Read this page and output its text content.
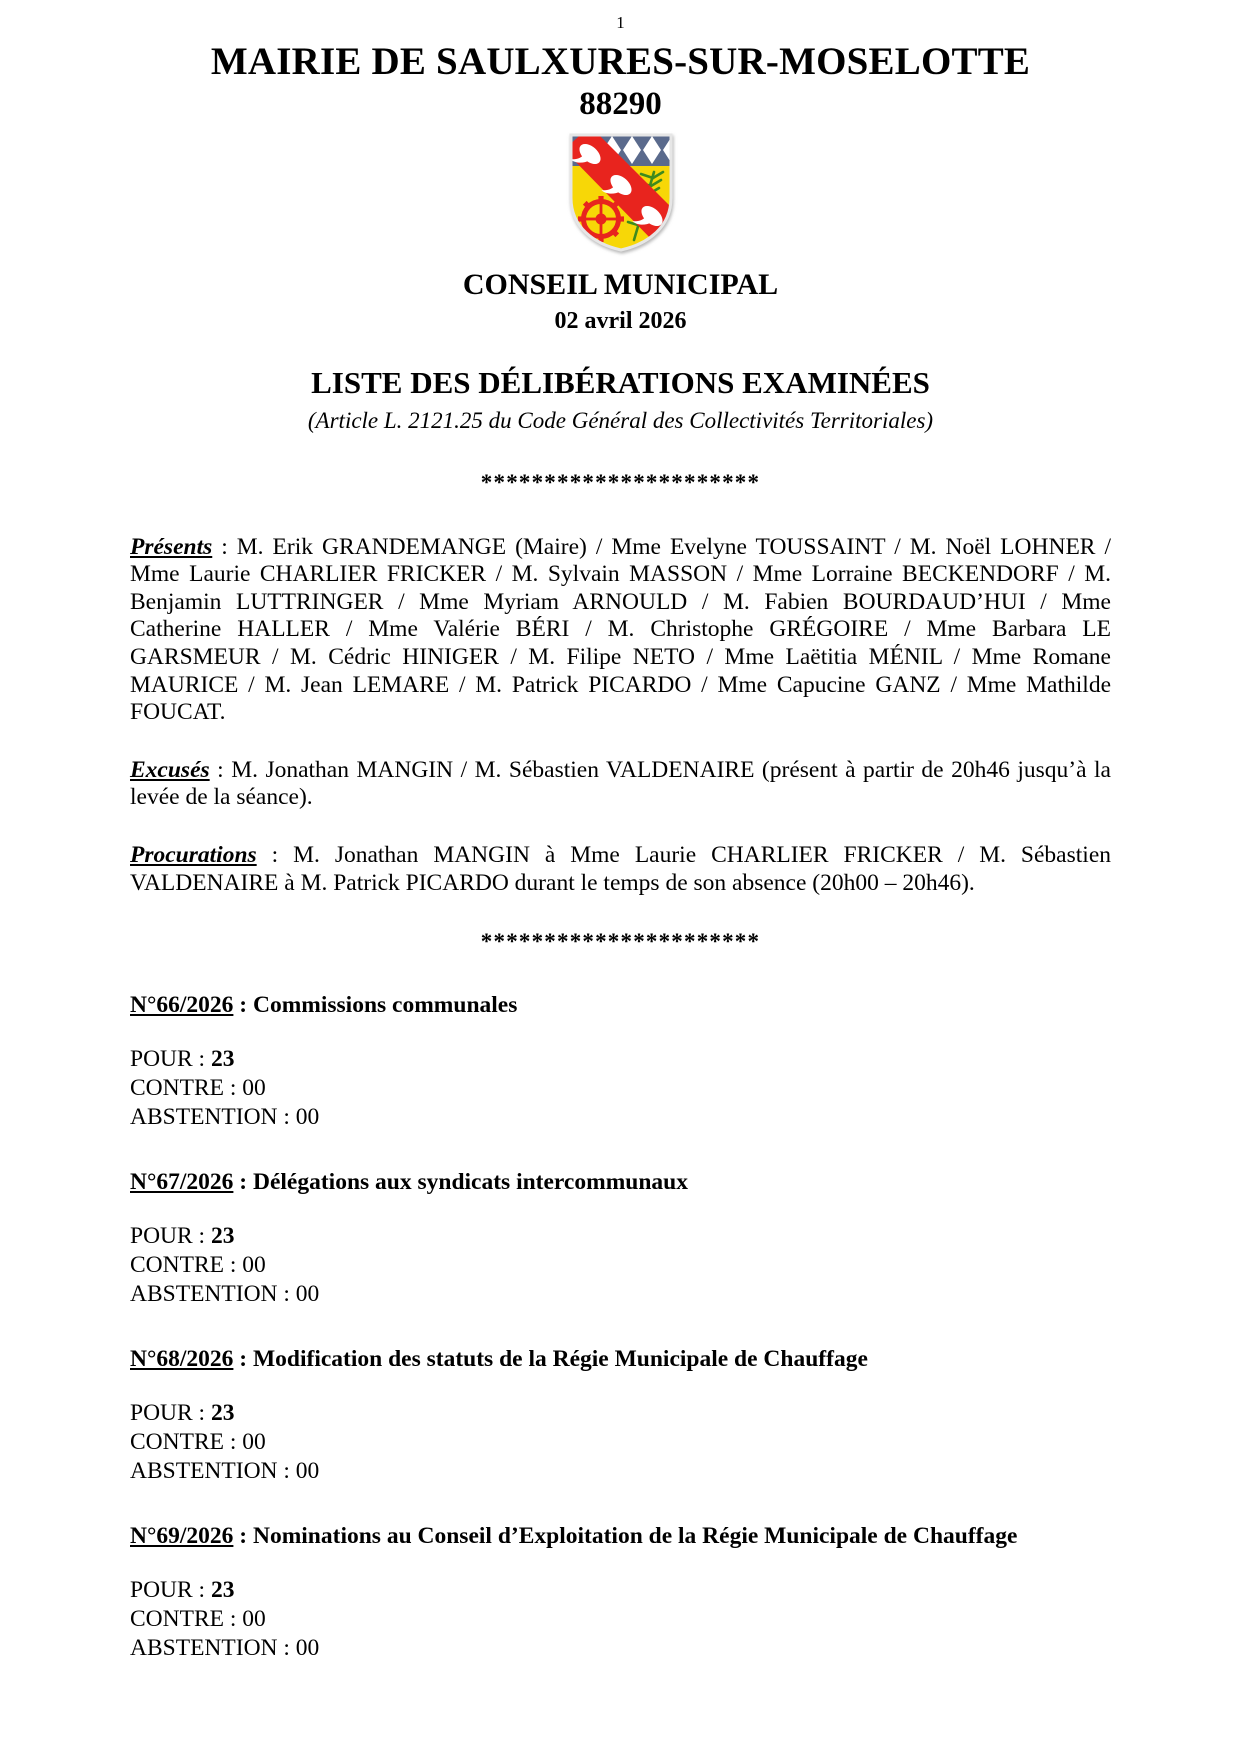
1
MAIRIE DE SAULXURES-SUR-MOSELOTTE
88290
CONSEIL MUNICIPAL
02 avril 2026
LISTE DES DÉLIBÉRATIONS EXAMINÉES
(Article L. 2121.25 du Code Général des Collectivités Territoriales)
**********************

Présents : M. Erik GRANDEMANGE (Maire) / Mme Evelyne TOUSSAINT / M. Noël LOHNER / Mme Laurie CHARLIER FRICKER / M. Sylvain MASSON / Mme Lorraine BECKENDORF / M. Benjamin LUTTRINGER / Mme Myriam ARNOULD / M. Fabien BOURDAUD’HUI / Mme Catherine HALLER / Mme Valérie BÉRI / M. Christophe GRÉGOIRE / Mme Barbara LE GARSMEUR / M. Cédric HINIGER / M. Filipe NETO / Mme Laëtitia MÉNIL / Mme Romane MAURICE / M. Jean LEMARE / M. Patrick PICARDO / Mme Capucine GANZ / Mme Mathilde FOUCAT.

Excusés : M. Jonathan MANGIN / M. Sébastien VALDENAIRE (présent à partir de 20h46 jusqu’à la levée de la séance).

Procurations : M. Jonathan MANGIN à Mme Laurie CHARLIER FRICKER / M. Sébastien VALDENAIRE à M. Patrick PICARDO durant le temps de son absence (20h00 – 20h46).

**********************
N°66/2026 : Commissions communales
POUR : 23
CONTRE : 00
ABSTENTION : 00
N°67/2026 : Délégations aux syndicats intercommunaux
POUR : 23
CONTRE : 00
ABSTENTION : 00
N°68/2026 : Modification des statuts de la Régie Municipale de Chauffage
POUR : 23
CONTRE : 00
ABSTENTION : 00
N°69/2026 : Nominations au Conseil d’Exploitation de la Régie Municipale de Chauffage
POUR : 23
CONTRE : 00
ABSTENTION : 00
